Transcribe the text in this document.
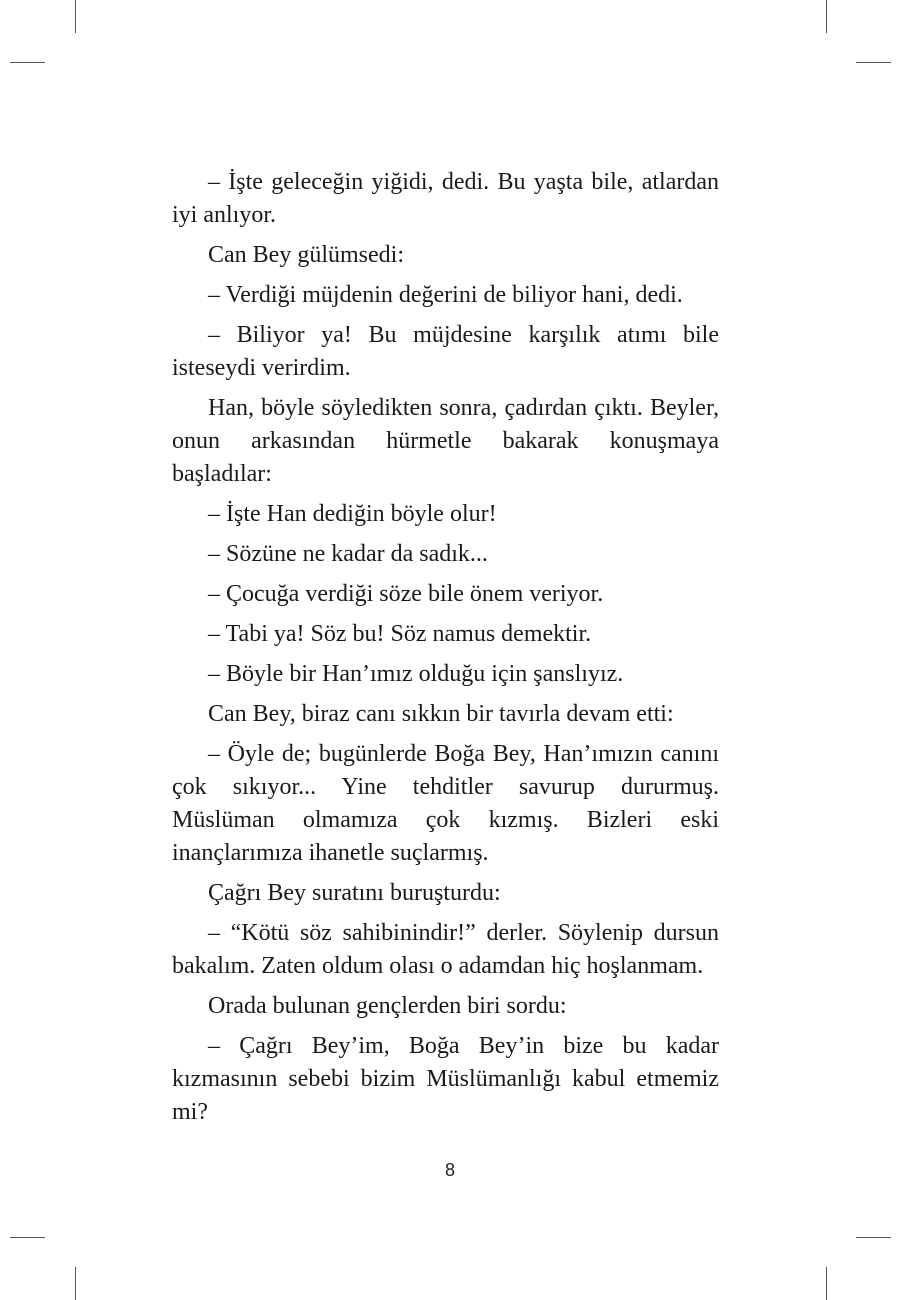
– İşte geleceğin yiğidi, dedi. Bu yaşta bile, atlardan iyi anlıyor.

Can Bey gülümsedi:

– Verdiği müjdenin değerini de biliyor hani, dedi.

– Biliyor ya! Bu müjdesine karşılık atımı bile isteseydi verirdim.

Han, böyle söyledikten sonra, çadırdan çıktı. Beyler, onun arkasından hürmetle bakarak konuşmaya başladılar:

– İşte Han dediğin böyle olur!

– Sözüne ne kadar da sadık...

– Çocuğa verdiği söze bile önem veriyor.

– Tabi ya! Söz bu! Söz namus demektir.

– Böyle bir Han’ımız olduğu için şanslıyız.

Can Bey, biraz canı sıkkın bir tavırla devam etti:

– Öyle de; bugünlerde Boğa Bey, Han’ımızın canını çok sıkıyor... Yine tehditler savurup dururmuş. Müslüman olmamıza çok kızmış. Bizleri eski inançlarımıza ihanetle suçlarmış.

Çağrı Bey suratını buruşturdu:

– “Kötü söz sahibinindir!” derler. Söylenip dursun bakalım. Zaten oldum olası o adamdan hiç hoşlanmam.

Orada bulunan gençlerden biri sordu:

– Çağrı Bey’im, Boğa Bey’in bize bu kadar kızmasının sebebi bizim Müslümanlığı kabul etmemiz mi?

8
